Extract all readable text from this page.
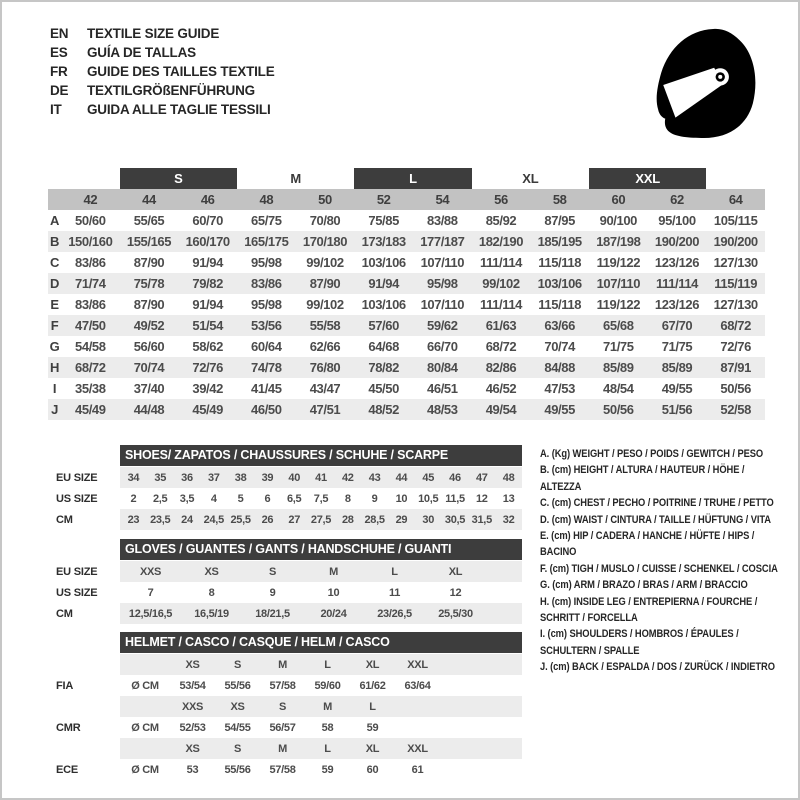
EN	TEXTILE SIZE GUIDE
ES	GUÍA DE TALLAS
FR	GUIDE DES TAILLES TEXTILE
DE	TEXTILGRÖßENFÜHRUNG
IT	GUIDA ALLE TAGLIE TESSILI
S	M	L	XL	XXL
42	44	46	48	50	52	54	56	58	60	62	64
A	50/60	55/65	60/70	65/75	70/80	75/85	83/88	85/92	87/95	90/100	95/100	105/115
B 150/160	155/165	160/170	165/175	170/180	173/183	177/187	182/190	185/195	187/198	190/200	190/200
C	83/86	87/90	91/94	95/98	99/102	103/106	107/110	111/114	115/118	119/122	123/126	127/130
D	71/74	75/78	79/82	83/86	87/90	91/94	95/98	99/102	103/106	107/110	111/114	115/119
E	83/86	87/90	91/94	95/98	99/102	103/106	107/110	111/114	115/118	119/122	123/126	127/130
F	47/50	49/52	51/54	53/56	55/58	57/60	59/62	61/63	63/66	65/68	67/70	68/72
G	54/58	56/60	58/62	60/64	62/66	64/68	66/70	68/72	70/74	71/75	71/75	72/76
H	68/72	70/74	72/76	74/78	76/80	78/82	80/84	82/86	84/88	85/89	85/89	87/91
I	35/38	37/40	39/42	41/45	43/47	45/50	46/51	46/52	47/53	48/54	49/55	50/56
J	45/49	44/48	45/49	46/50	47/51	48/52	48/53	49/54	49/55	50/56	51/56	52/58
SHOES/ ZAPATOS / CHAUSSURES / SCHUHE / SCARPE
EU SIZE	34	35	36	37	38	39	40	41	42	43	44	45	46	47	48
US SIZE	2	2,5	3,5	4	5	6	6,5	7,5	8	9	10 10,5 11,5	12	13
CM	23 23,5 24 24,5 25,5 26	27 27,5 28 28,5 29	30 30,5 31,5 32
GLOVES / GUANTES / GANTS / HANDSCHUHE / GUANTI
EU SIZE	XXS	XS	S	M	L	XL
US SIZE	7	8	9	10	11	12
CM	12,5/16,5	16,5/19	18/21,5	20/24	23/26,5	25,5/30
HELMET / CASCO / CASQUE / HELM / CASCO
XS	S	M	L	XL	XXL
FIA	Ø CM	53/54	55/56	57/58	59/60	61/62	63/64
XXS	XS	S	M	L
CMR	Ø CM	52/53	54/55	56/57	58	59
XS	S	M	L	XL	XXL
ECE	Ø CM	53	55/56	57/58	59	60	61

A. (Kg) WEIGHT / PESO / POIDS / GEWITCH / PESO

B. (cm) HEIGHT / ALTURA / HAUTEUR / HÖHE / ALTEZZA

C. (cm) CHEST / PECHO / POITRINE / TRUHE / PETTO

D. (cm) WAIST / CINTURA / TAILLE / HÜFTUNG / VITA

E. (cm) HIP / CADERA / HANCHE / HÜFTE / HIPS / BACINO

F. (cm) TIGH / MUSLO / CUISSE / SCHENKEL / COSCIA

G. (cm) ARM / BRAZO / BRAS / ARM / BRACCIO

H. (cm) INSIDE LEG / ENTREPIERNA / FOURCHE / SCHRITT / FORCELLA

I. (cm) SHOULDERS / HOMBROS / ÉPAULES / SCHULTERN / SPALLE

J. (cm) BACK / ESPALDA / DOS / ZURÜCK / INDIETRO
